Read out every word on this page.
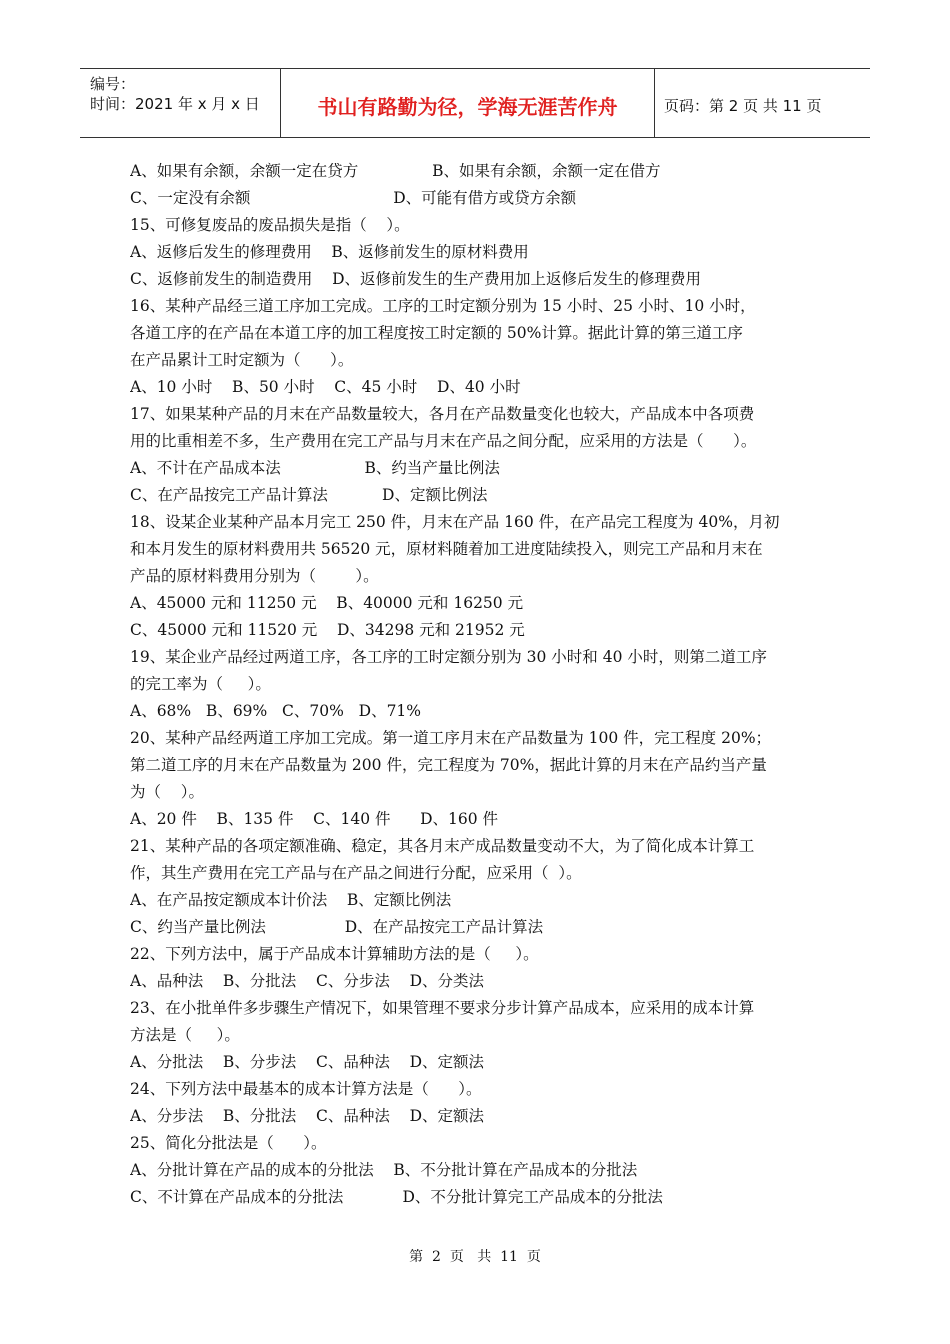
编号：
时间：2021 年 x 月 x 日	书山有路勤为径，学海无涯苦作舟	页码：第 2 页 共 11 页
A、如果有余额，余额一定在贷方               B、如果有余额，余额一定在借方
C、一定没有余额                             D、可能有借方或贷方余额
15、可修复废品的废品损失是指（    ）。
A、返修后发生的修理费用    B、返修前发生的原材料费用
C、返修前发生的制造费用    D、返修前发生的生产费用加上返修后发生的修理费用
16、某种产品经三道工序加工完成。工序的工时定额分别为 15 小时、25 小时、10 小时，
各道工序的在产品在本道工序的加工程度按工时定额的 50%计算。据此计算的第三道工序
在产品累计工时定额为（      ）。
A、10 小时    B、50 小时    C、45 小时    D、40 小时
17、如果某种产品的月末在产品数量较大，各月在产品数量变化也较大，产品成本中各项费
用的比重相差不多，生产费用在完工产品与月末在产品之间分配，应采用的方法是（      ）。
A、不计在产品成本法                 B、约当产量比例法
C、在产品按完工产品计算法           D、定额比例法
18、设某企业某种产品本月完工 250 件，月末在产品 160 件，在产品完工程度为 40%，月初
和本月发生的原材料费用共 56520 元，原材料随着加工进度陆续投入，则完工产品和月末在
产品的原材料费用分别为（        ）。
A、45000 元和 11250 元    B、40000 元和 16250 元
C、45000 元和 11520 元    D、34298 元和 21952 元
19、某企业产品经过两道工序，各工序的工时定额分别为 30 小时和 40 小时，则第二道工序
的完工率为（     ）。
A、68%   B、69%   C、70%   D、71%
20、某种产品经两道工序加工完成。第一道工序月末在产品数量为 100 件，完工程度 20%；
第二道工序的月末在产品数量为 200 件，完工程度为 70%，据此计算的月末在产品约当产量
为（    ）。
A、20 件    B、135 件    C、140 件      D、160 件
21、某种产品的各项定额准确、稳定，其各月末产成品数量变动不大，为了简化成本计算工
作，其生产费用在完工产品与在产品之间进行分配，应采用（  ）。
A、在产品按定额成本计价法    B、定额比例法
C、约当产量比例法                D、在产品按完工产品计算法
22、下列方法中，属于产品成本计算辅助方法的是（     ）。
A、品种法    B、分批法    C、分步法    D、分类法
23、在小批单件多步骤生产情况下，如果管理不要求分步计算产品成本，应采用的成本计算
方法是（     ）。
A、分批法    B、分步法    C、品种法    D、定额法
24、下列方法中最基本的成本计算方法是（      ）。
A、分步法    B、分批法    C、品种法    D、定额法
25、简化分批法是（      ）。
A、分批计算在产品的成本的分批法    B、不分批计算在产品成本的分批法
C、不计算在产品成本的分批法            D、不分批计算完工产品成本的分批法
第  2  页   共  11  页
